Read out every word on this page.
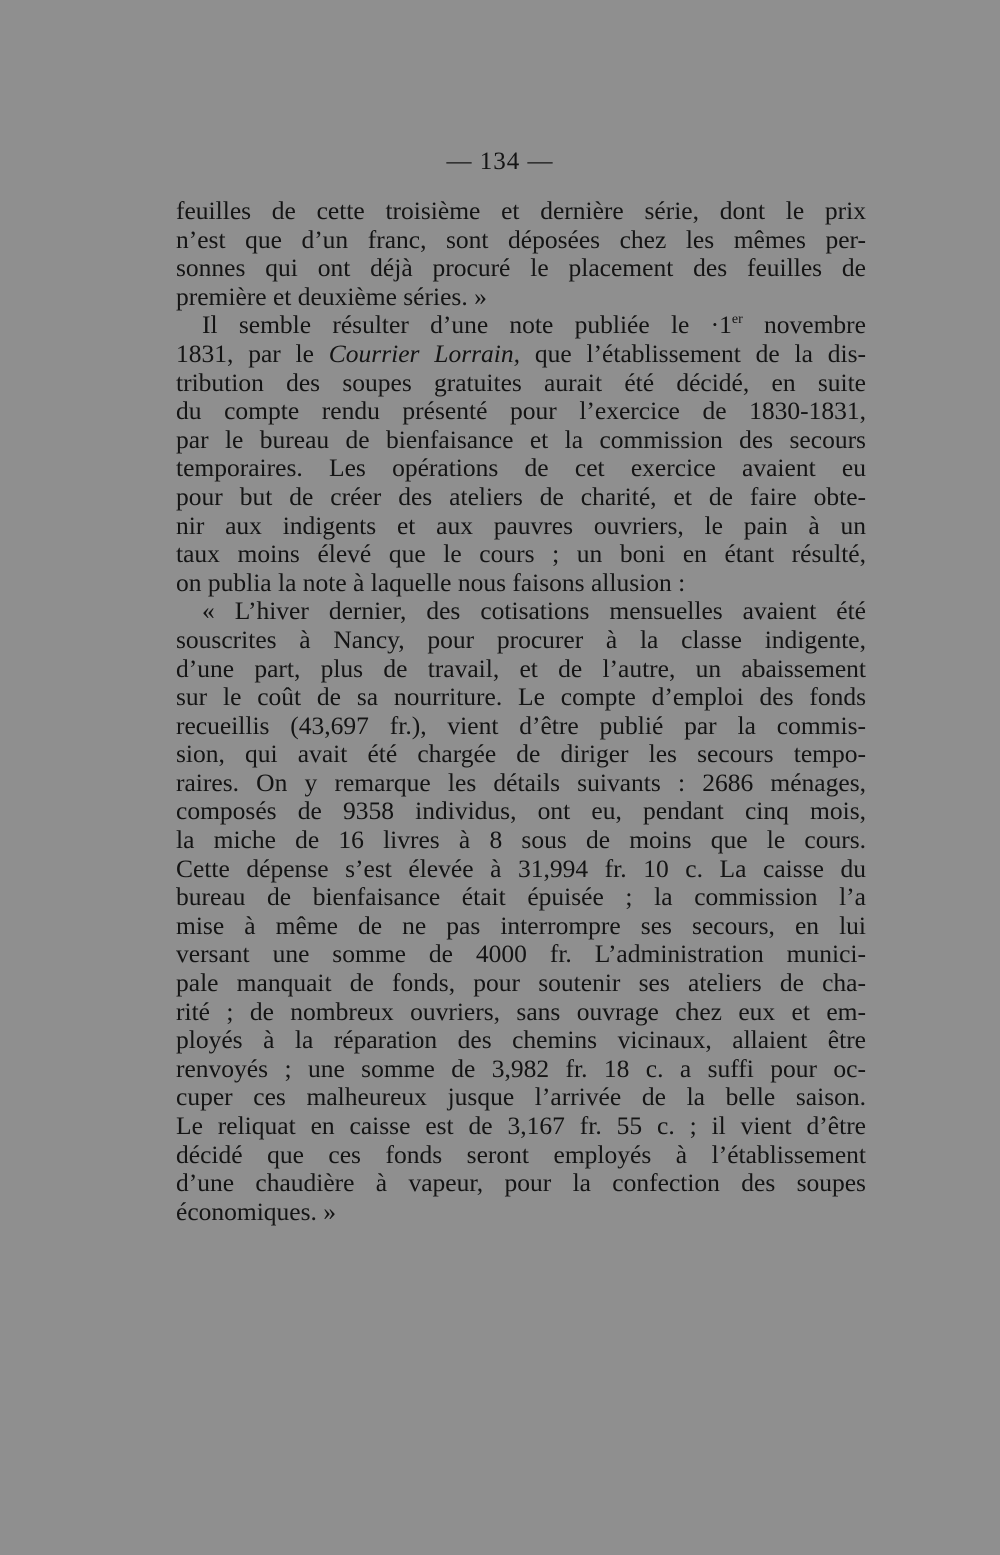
— 134 —
feuilles de cette troisième et dernière série, dont le prix
n’est que d’un franc, sont déposées chez les mêmes per-
sonnes qui ont déjà procuré le placement des feuilles de
première et deuxième séries. »
Il semble résulter d’une note publiée le ·1er novembre
1831, par le Courrier Lorrain, que l’établissement de la dis-
tribution des soupes gratuites aurait été décidé, en suite
du compte rendu présenté pour l’exercice de 1830-1831,
par le bureau de bienfaisance et la commission des secours
temporaires. Les opérations de cet exercice avaient eu
pour but de créer des ateliers de charité, et de faire obte-
nir aux indigents et aux pauvres ouvriers, le pain à un
taux moins élevé que le cours ; un boni en étant résulté,
on publia la note à laquelle nous faisons allusion :
« L’hiver dernier, des cotisations mensuelles avaient été
souscrites à Nancy, pour procurer à la classe indigente,
d’une part, plus de travail, et de l’autre, un abaissement
sur le coût de sa nourriture. Le compte d’emploi des fonds
recueillis (43,697 fr.), vient d’être publié par la commis-
sion, qui avait été chargée de diriger les secours tempo-
raires. On y remarque les détails suivants : 2686 ménages,
composés de 9358 individus, ont eu, pendant cinq mois,
la miche de 16 livres à 8 sous de moins que le cours.
Cette dépense s’est élevée à 31,994 fr. 10 c. La caisse du
bureau de bienfaisance était épuisée ; la commission l’a
mise à même de ne pas interrompre ses secours, en lui
versant une somme de 4000 fr. L’administration munici-
pale manquait de fonds, pour soutenir ses ateliers de cha-
rité ; de nombreux ouvriers, sans ouvrage chez eux et em-
ployés à la réparation des chemins vicinaux, allaient être
renvoyés ; une somme de 3,982 fr. 18 c. a suffi pour oc-
cuper ces malheureux jusque l’arrivée de la belle saison.
Le reliquat en caisse est de 3,167 fr. 55 c. ; il vient d’être
décidé que ces fonds seront employés à l’établissement
d’une chaudière à vapeur, pour la confection des soupes
économiques. »
